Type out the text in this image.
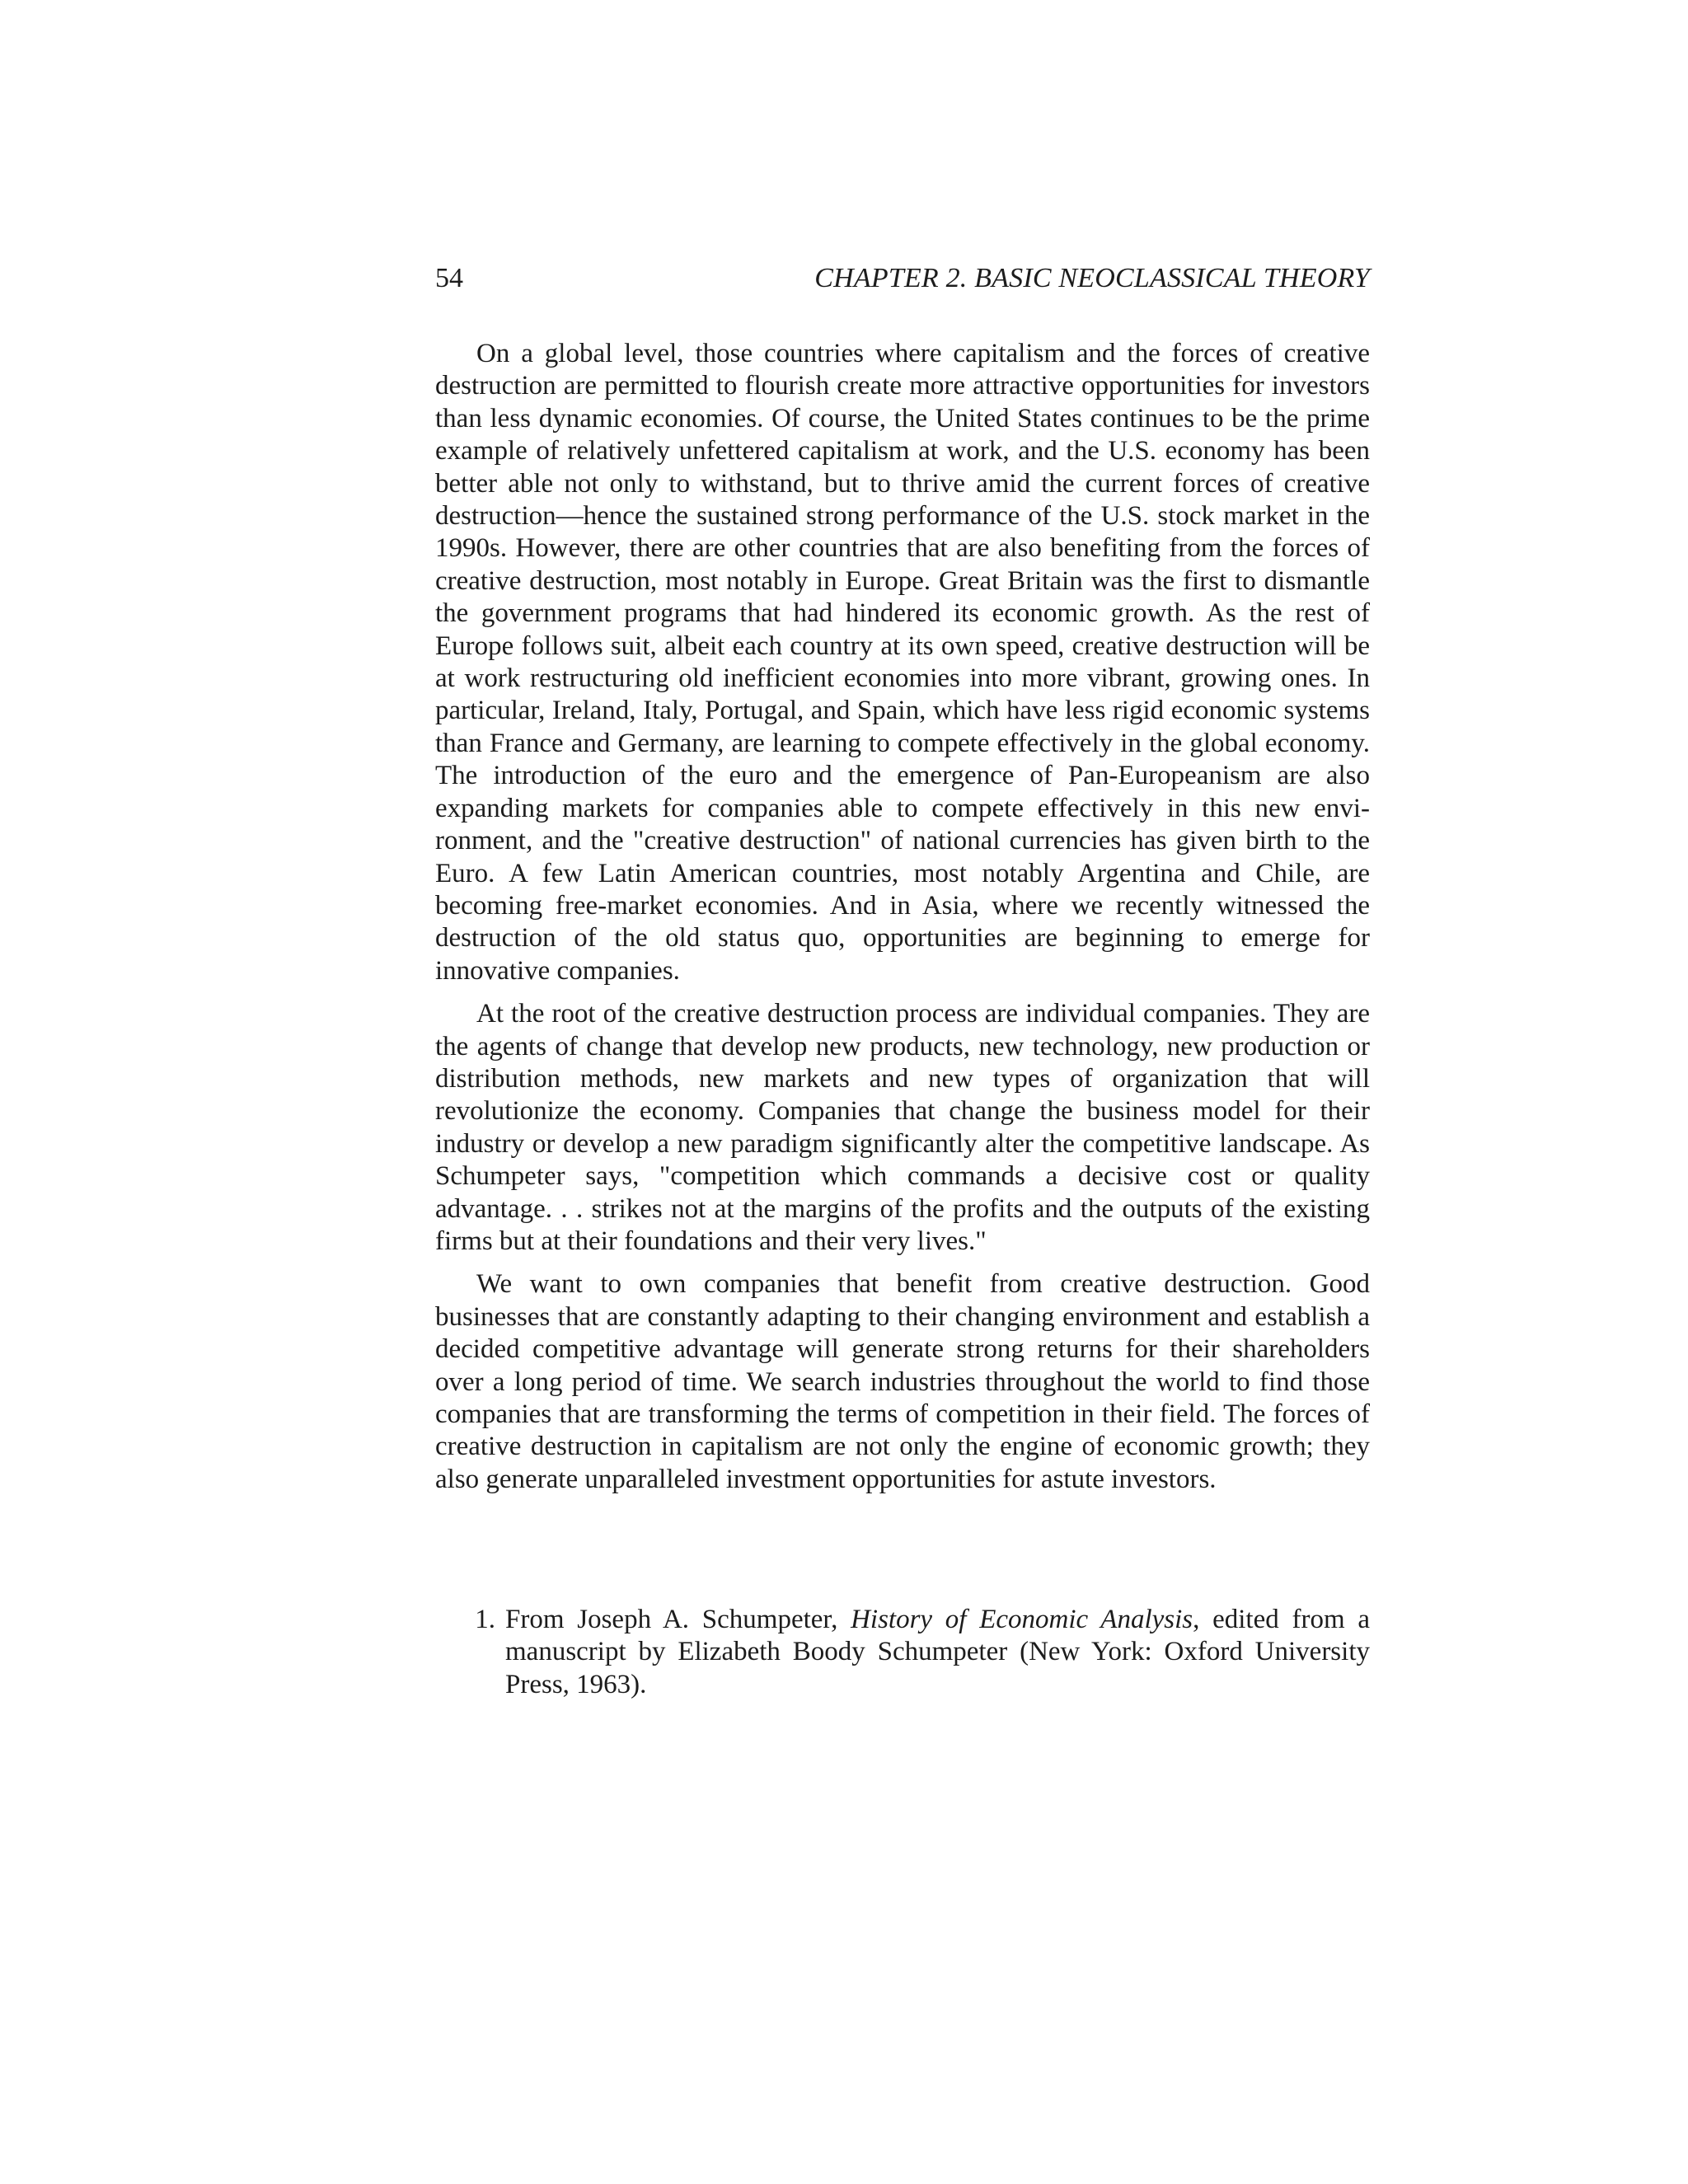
54	CHAPTER 2. BASIC NEOCLASSICAL THEORY

On a global level, those countries where capitalism and the forces of creative destruction are permitted to flourish create more attractive opportunities for investors than less dynamic economies. Of course, the United States continues to be the prime example of relatively unfettered capitalism at work, and the U.S. economy has been better able not only to withstand, but to thrive amid the current forces of creative destruction—hence the sustained strong performance of the U.S. stock market in the 1990s. However, there are other countries that are also benefiting from the forces of creative destruction, most notably in Europe. Great Britain was the first to dismantle the government programs that had hindered its economic growth. As the rest of Europe follows suit, albeit each country at its own speed, creative destruction will be at work restructuring old inefficient economies into more vibrant, growing ones. In particular, Ireland, Italy, Portugal, and Spain, which have less rigid economic systems than France and Germany, are learning to compete effectively in the global economy. The introduction of the euro and the emergence of Pan-Europeanism are also expanding markets for companies able to compete effectively in this new environment, and the "creative destruction" of national currencies has given birth to the Euro. A few Latin American countries, most notably Argentina and Chile, are becoming free-market economies. And in Asia, where we recently witnessed the destruction of the old status quo, opportunities are beginning to emerge for innovative companies.

At the root of the creative destruction process are individual companies. They are the agents of change that develop new products, new technology, new production or distribution methods, new markets and new types of organization that will revolutionize the economy. Companies that change the business model for their industry or develop a new paradigm significantly alter the competitive landscape. As Schumpeter says, "competition which commands a decisive cost or quality advantage. . . strikes not at the margins of the profits and the outputs of the existing firms but at their foundations and their very lives."

We want to own companies that benefit from creative destruction. Good businesses that are constantly adapting to their changing environment and establish a decided competitive advantage will generate strong returns for their shareholders over a long period of time. We search industries throughout the world to find those companies that are transforming the terms of competition in their field. The forces of creative destruction in capitalism are not only the engine of economic growth; they also generate unparalleled investment opportunities for astute investors.

1. From Joseph A. Schumpeter, History of Economic Analysis, edited from a manuscript by Elizabeth Boody Schumpeter (New York: Oxford University Press, 1963).
